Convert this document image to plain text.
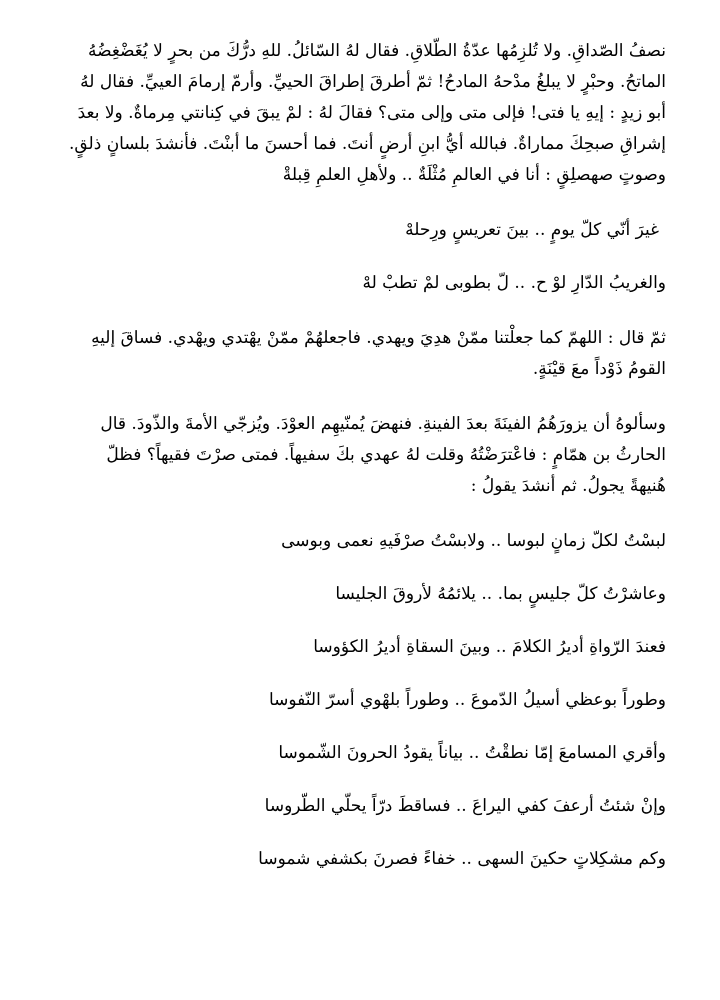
نصفُ الصّداقِ. ولا تُلزِمُها عدّةُ الطّلاقِ. فقال لهُ السّائلُ. للهِ درُّكَ من بحرٍ لا يُغَضْغِضُهُ
الماتحُ. وحبْرٍ لا يبلغُ مدْحهُ المادحُ! ثمّ أطرقَ إطراقَ الحييِّ. وأرمّ إرمامَ العييِّ. فقال لهُ
أبو زيدٍ : إيهِ يا فتى! فإلى متى وإلى متى؟ فقالَ لهُ : لمْ يبقَ في كِنانتي مِرماةٌ. ولا بعدَ
إشراقِ صبحِكَ مماراةٌ. فبالله أيُّ ابنِ أرضٍ أنتَ. فما أحسنَ ما أبنْتَ. فأنشدَ بلسانٍ ذلقٍ.
وصوتٍ صهصلِقٍ : أنا في العالمِ مُثْلَةٌ .. ولأهلِ العلمِ قِبلةْ

غيرَ أنّي كلّ يومٍ .. بينَ تعريسٍ ورِحلهْ
والغريبُ الدّارِ لوْ ح. .. لّ بطوبى لمْ تطبْ لهْ

ثمّ قال : اللهمّ كما جعلْتنا ممّنْ هدِيَ ويهدي. فاجعلهُمْ ممّنْ يهْتدي ويهْدي. فساقَ إليهِ
القومُ ذَوْداً معَ قيْنَةٍ.

وسألوهُ أن يزورَهُمُ الفينَةَ بعدَ الفينةِ. فنهضَ يُمنّيهِم العوْدَ. ويُزجّي الأمةَ والذّودَ. قال
الحارثُ بن همّامٍ : فاعْترَضْتُهُ وقلت لهُ عهدي بكَ سفيهاً. فمتى صرْتَ فقيهاً؟ فظلّ
هُنيهةً يجولُ. ثم أنشدَ يقولُ :

لبسْتُ لكلّ زمانٍ لبوسا .. ولابسْتُ صرْفَيهِ نعمى وبوسى
وعاشرْتُ كلّ جليسٍ بما. .. يلائمُهُ لأروقَ الجليسا
فعندَ الرّواةِ أديرُ الكلامَ .. وبينَ السقاةِ أديرُ الكؤوسا
وطوراً بوعظي أسيلُ الدّموعَ .. وطوراً بلهْوي أسرّ النّفوسا
وأقري المسامعَ إمّا نطقْتُ .. بياناً يقودُ الحرونَ الشّموسا
وإنْ شئتُ أرعفَ كفي اليراعَ .. فساقطَ درّاً يحلّي الطّروسا
وكم مشكِلاتٍ حكينَ السهى .. خفاءً فصرنَ بكشفي شموسا
